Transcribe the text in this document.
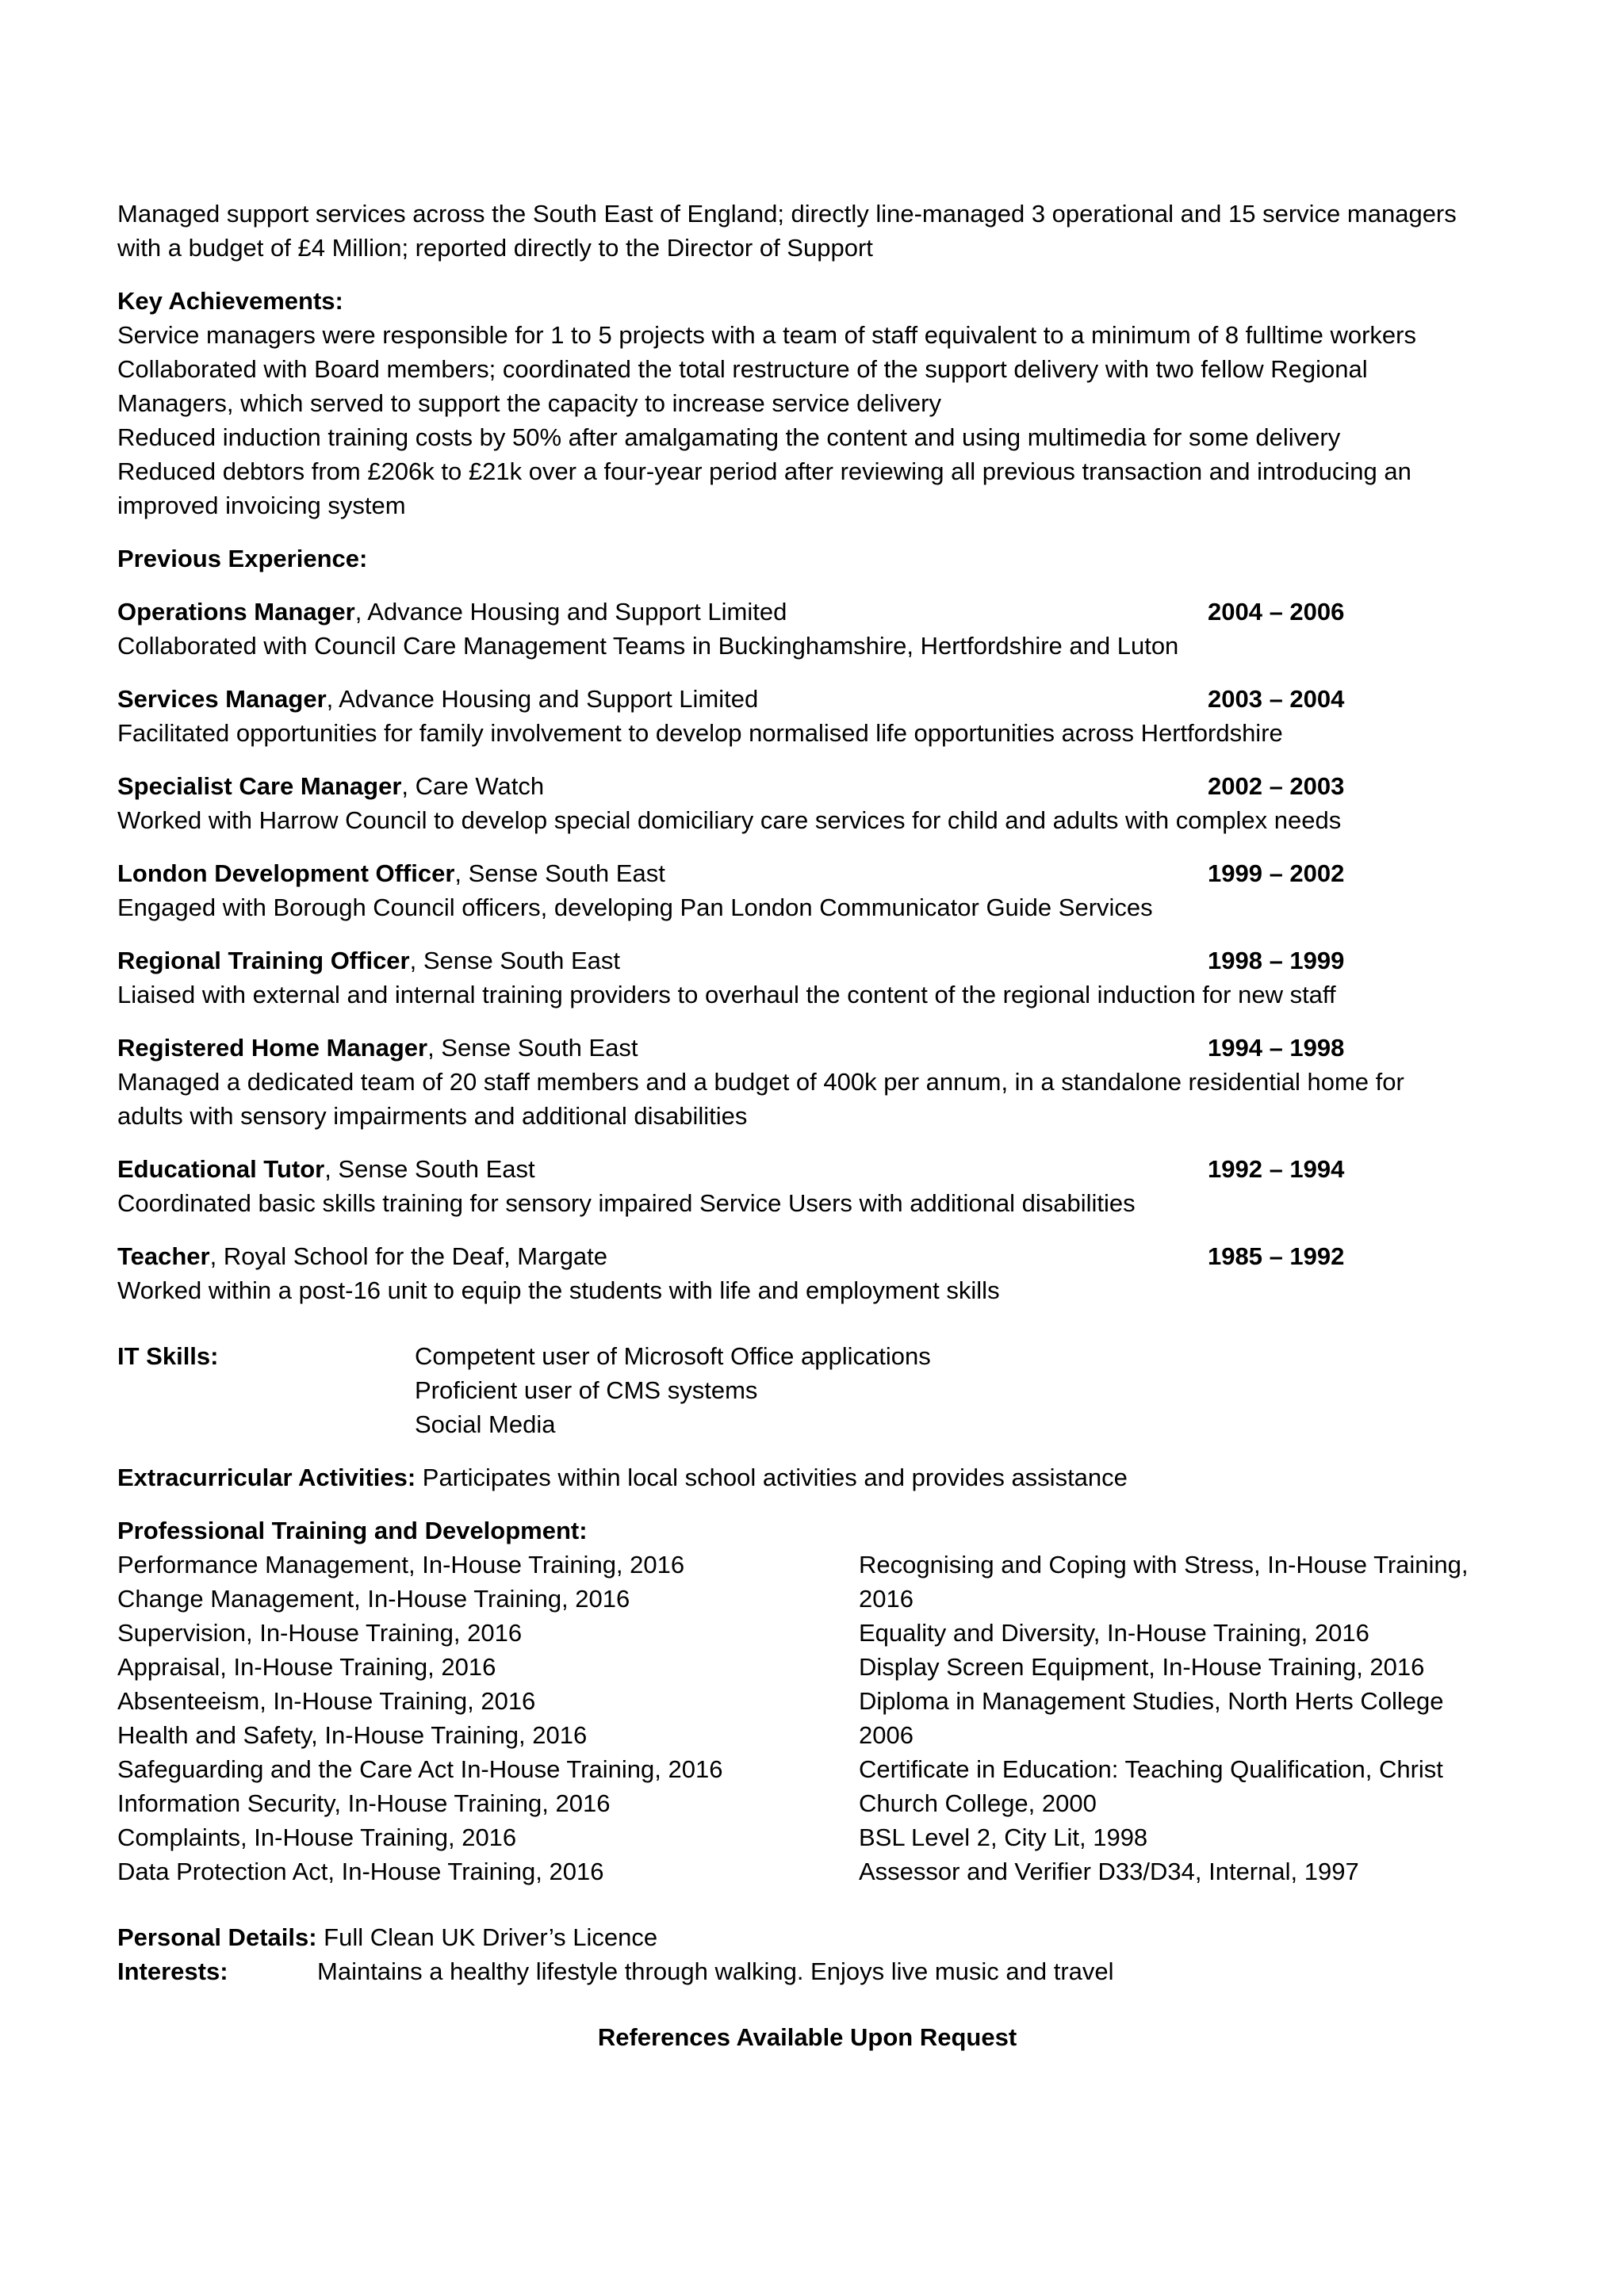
Managed support services across the South East of England; directly line-managed 3 operational and 15 service managers

with a budget of £4 Million; reported directly to the Director of Support

Key Achievements:

Service managers were responsible for 1 to 5 projects with a team of staff equivalent to a minimum of 8 fulltime workers

Collaborated with Board members; coordinated the total restructure of the support delivery with two fellow Regional

Managers, which served to support the capacity to increase service delivery

Reduced induction training costs by 50% after amalgamating the content and using multimedia for some delivery

Reduced debtors from £206k to £21k over a four-year period after reviewing all previous transaction and introducing an

improved invoicing system

Previous Experience:

Operations Manager, Advance Housing and Support Limited	2004 – 2006

Collaborated with Council Care Management Teams in Buckinghamshire, Hertfordshire and Luton

Services Manager, Advance Housing and Support Limited	2003 – 2004

Facilitated opportunities for family involvement to develop normalised life opportunities across Hertfordshire

Specialist Care Manager, Care Watch	2002 – 2003

Worked with Harrow Council to develop special domiciliary care services for child and adults with complex needs

London Development Officer, Sense South East	1999 – 2002

Engaged with Borough Council officers, developing Pan London Communicator Guide Services

Regional Training Officer, Sense South East	1998 – 1999

Liaised with external and internal training providers to overhaul the content of the regional induction for new staff

Registered Home Manager, Sense South East	1994 – 1998

Managed a dedicated team of 20 staff members and a budget of 400k per annum, in a standalone residential home for

adults with sensory impairments and additional disabilities

Educational Tutor, Sense South East	1992 – 1994

Coordinated basic skills training for sensory impaired Service Users with additional disabilities

Teacher, Royal School for the Deaf, Margate	1985 – 1992

Worked within a post-16 unit to equip the students with life and employment skills

IT Skills:	Competent user of Microsoft Office applications

Proficient user of CMS systems

Social Media

Extracurricular Activities: Participates within local school activities and provides assistance

Professional Training and Development:

Performance Management, In-House Training, 2016

Change Management, In-House Training, 2016

Supervision, In-House Training, 2016

Appraisal, In-House Training, 2016

Absenteeism, In-House Training, 2016

Health and Safety, In-House Training, 2016

Safeguarding and the Care Act In-House Training, 2016

Information Security, In-House Training, 2016

Complaints, In-House Training, 2016

Data Protection Act, In-House Training, 2016

Recognising and Coping with Stress, In-House Training,

2016

Equality and Diversity, In-House Training, 2016

Display Screen Equipment, In-House Training, 2016

Diploma in Management Studies, North Herts College

2006

Certificate in Education: Teaching Qualification, Christ

Church College, 2000

BSL Level 2, City Lit, 1998

Assessor and Verifier D33/D34, Internal, 1997

Personal Details: Full Clean UK Driver’s Licence

Interests:	Maintains a healthy lifestyle through walking. Enjoys live music and travel

References Available Upon Request
